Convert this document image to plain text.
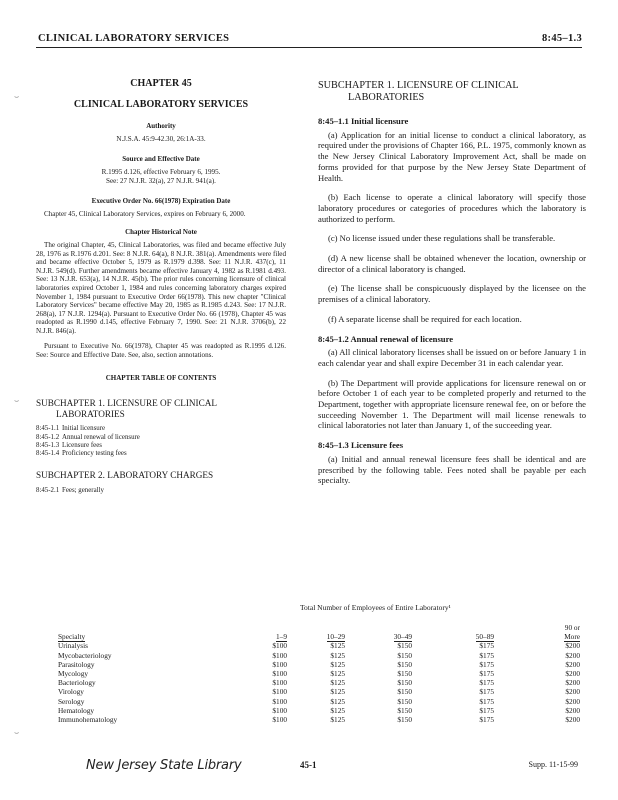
CLINICAL LABORATORY SERVICES	8:45–1.3
⌣
⌣
⌣
CHAPTER 45
CLINICAL LABORATORY SERVICES
Authority
N.J.S.A. 45:9-42.30, 26:1A-33.
Source and Effective Date
R.1995 d.126, effective February 6, 1995.
See: 27 N.J.R. 32(a), 27 N.J.R. 941(a).
Executive Order No. 66(1978) Expiration Date
Chapter 45, Clinical Laboratory Services, expires on February 6, 2000.
Chapter Historical Note
The original Chapter, 45, Clinical Laboratories, was filed and became effective July 28, 1976 as R.1976 d.201. See: 8 N.J.R. 64(a), 8 N.J.R. 381(a). Amendments were filed and became effective October 5, 1979 as R.1979 d.398. See: 11 N.J.R. 437(c), 11 N.J.R. 549(d). Further amendments became effective January 4, 1982 as R.1981 d.493. See: 13 N.J.R. 653(a), 14 N.J.R. 45(b). The prior rules concerning licensure of clinical laboratories expired October 1, 1984 and rules concerning laboratory charges expired November 1, 1984 pursuant to Executive Order 66(1978). This new chapter "Clinical Laboratory Services" became effective May 20, 1985 as R.1985 d.243. See: 17 N.J.R. 268(a), 17 N.J.R. 1294(a). Pursuant to Executive Order No. 66 (1978), Chapter 45 was readopted as R.1990 d.145, effective February 7, 1990. See: 21 N.J.R. 3706(b), 22 N.J.R. 846(a).
Pursuant to Executive No. 66(1978), Chapter 45 was readopted as R.1995 d.126. See: Source and Effective Date. See, also, section annotations.
CHAPTER TABLE OF CONTENTS
SUBCHAPTER 1. LICENSURE OF CLINICAL
LABORATORIES
8:45-1.1 Initial licensure
8:45-1.2 Annual renewal of licensure
8:45-1.3 Licensure fees
8:45-1.4 Proficiency testing fees
SUBCHAPTER 2. LABORATORY CHARGES
8:45-2.1 Fees; generally
SUBCHAPTER 1. LICENSURE OF CLINICAL
LABORATORIES
8:45–1.1 Initial licensure
(a) Application for an initial license to conduct a clinical laboratory, as required under the provisions of Chapter 166, P.L. 1975, commonly known as the New Jersey Clinical Laboratory Improvement Act, shall be made on forms provided for that purpose by the New Jersey State Department of Health.
(b) Each license to operate a clinical laboratory will specify those laboratory procedures or categories of procedures which the laboratory is authorized to perform.
(c) No license issued under these regulations shall be transferable.
(d) A new license shall be obtained whenever the location, ownership or director of a clinical laboratory is changed.
(e) The license shall be conspicuously displayed by the licensee on the premises of a clinical laboratory.
(f) A separate license shall be required for each location.
8:45–1.2 Annual renewal of licensure
(a) All clinical laboratory licenses shall be issued on or before January 1 in each calendar year and shall expire December 31 in each calendar year.
(b) The Department will provide applications for licensure renewal on or before October 1 of each year to be completed properly and returned to the Department, together with appropriate licensure renewal fee, on or before the succeeding November 1. The Department will mail license renewals to clinical laboratories not later than January 1, of the succeeding year.
8:45–1.3 Licensure fees
(a) Initial and annual renewal licensure fees shall be identical and are prescribed by the following table. Fees noted shall be payable per each specialty.
Total Number of Employees of Entire Laboratory¹
90 or
Specialty	1–9	10–29	30–49	50–89	More
Urinalysis	$100	$125	$150	$175	$200
Mycobacteriology	$100	$125	$150	$175	$200
Parasitology	$100	$125	$150	$175	$200
Mycology	$100	$125	$150	$175	$200
Bacteriology	$100	$125	$150	$175	$200
Virology	$100	$125	$150	$175	$200
Serology	$100	$125	$150	$175	$200
Hematology	$100	$125	$150	$175	$200
Immunohematology	$100	$125	$150	$175	$200
New Jersey State Library	45-1	Supp. 11-15-99
